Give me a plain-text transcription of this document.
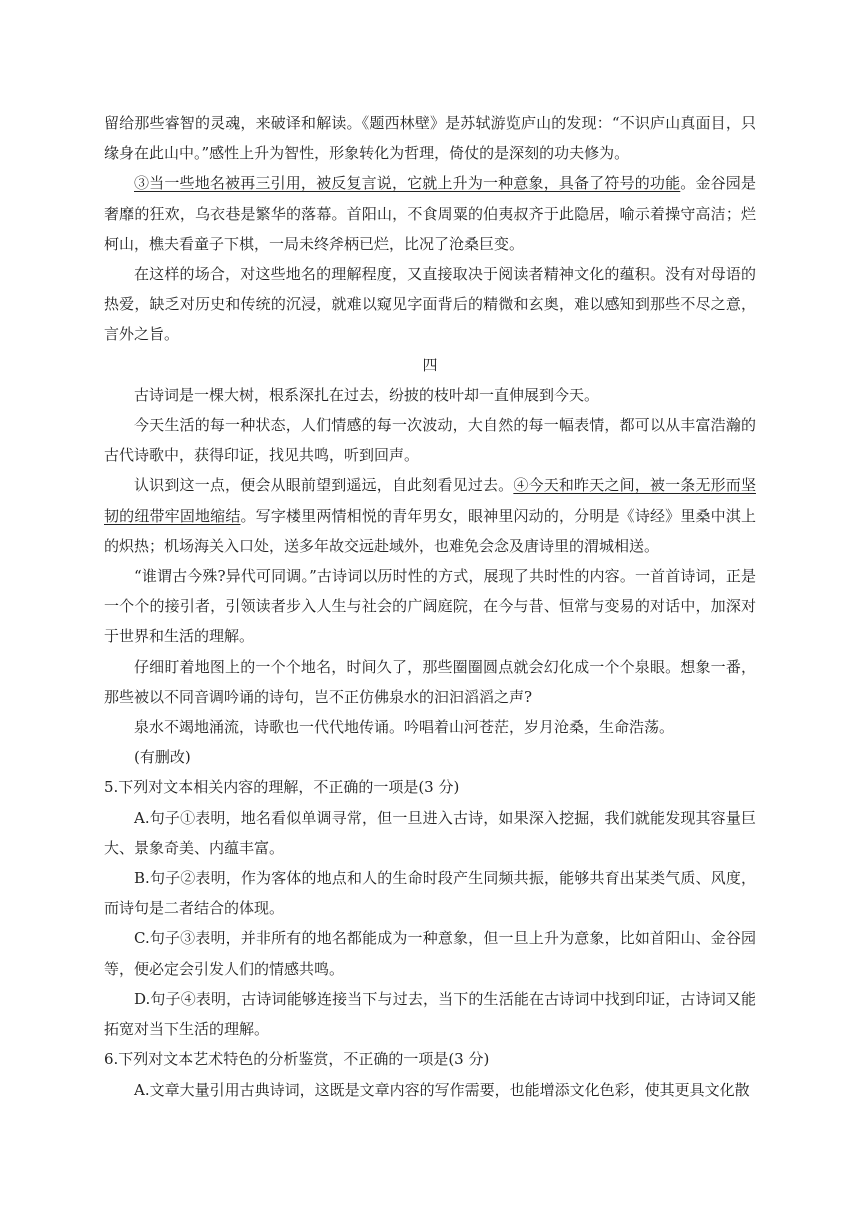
留给那些睿智的灵魂，来破译和解读。《题西林壁》是苏轼游览庐山的发现：“不识庐山真面目，只缘身在此山中。”感性上升为智性，形象转化为哲理，倚仗的是深刻的功夫修为。

③当一些地名被再三引用，被反复言说，它就上升为一种意象，具备了符号的功能。金谷园是奢靡的狂欢，乌衣巷是繁华的落幕。首阳山，不食周粟的伯夷叔齐于此隐居，喻示着操守高洁；烂柯山，樵夫看童子下棋，一局未终斧柄已烂，比况了沧桑巨变。

在这样的场合，对这些地名的理解程度，又直接取决于阅读者精神文化的蕴积。没有对母语的热爱，缺乏对历史和传统的沉浸，就难以窥见字面背后的精微和玄奥，难以感知到那些不尽之意，言外之旨。

四

古诗词是一棵大树，根系深扎在过去，纷披的枝叶却一直伸展到今天。

今天生活的每一种状态，人们情感的每一次波动，大自然的每一幅表情，都可以从丰富浩瀚的古代诗歌中，获得印证，找见共鸣，听到回声。

认识到这一点，便会从眼前望到遥远，自此刻看见过去。④今天和昨天之间，被一条无形而坚韧的纽带牢固地缩结。写字楼里两情相悦的青年男女，眼神里闪动的，分明是《诗经》里桑中淇上的炽热；机场海关入口处，送多年故交远赴域外，也难免会念及唐诗里的渭城相送。

“谁谓古今殊?异代可同调。”古诗词以历时性的方式，展现了共时性的内容。一首首诗词，正是一个个的接引者，引领读者步入人生与社会的广阔庭院，在今与昔、恒常与变易的对话中，加深对于世界和生活的理解。

仔细盯着地图上的一个个地名，时间久了，那些圈圈圆点就会幻化成一个个泉眼。想象一番，那些被以不同音调吟诵的诗句，岂不正仿佛泉水的汩汩滔滔之声?

泉水不竭地涌流，诗歌也一代代地传诵。吟唱着山河苍茫，岁月沧桑，生命浩荡。

(有删改)

5.下列对文本相关内容的理解，不正确的一项是(3 分)

A.句子①表明，地名看似单调寻常，但一旦进入古诗，如果深入挖掘，我们就能发现其容量巨大、景象奇美、内蕴丰富。

B.句子②表明，作为客体的地点和人的生命时段产生同频共振，能够共育出某类气质、风度，而诗句是二者结合的体现。

C.句子③表明，并非所有的地名都能成为一种意象，但一旦上升为意象，比如首阳山、金谷园等，便必定会引发人们的情感共鸣。

D.句子④表明，古诗词能够连接当下与过去，当下的生活能在古诗词中找到印证，古诗词又能拓宽对当下生活的理解。

6.下列对文本艺术特色的分析鉴赏，不正确的一项是(3 分)

A.文章大量引用古典诗词，这既是文章内容的写作需要，也能增添文化色彩，使其更具文化散
